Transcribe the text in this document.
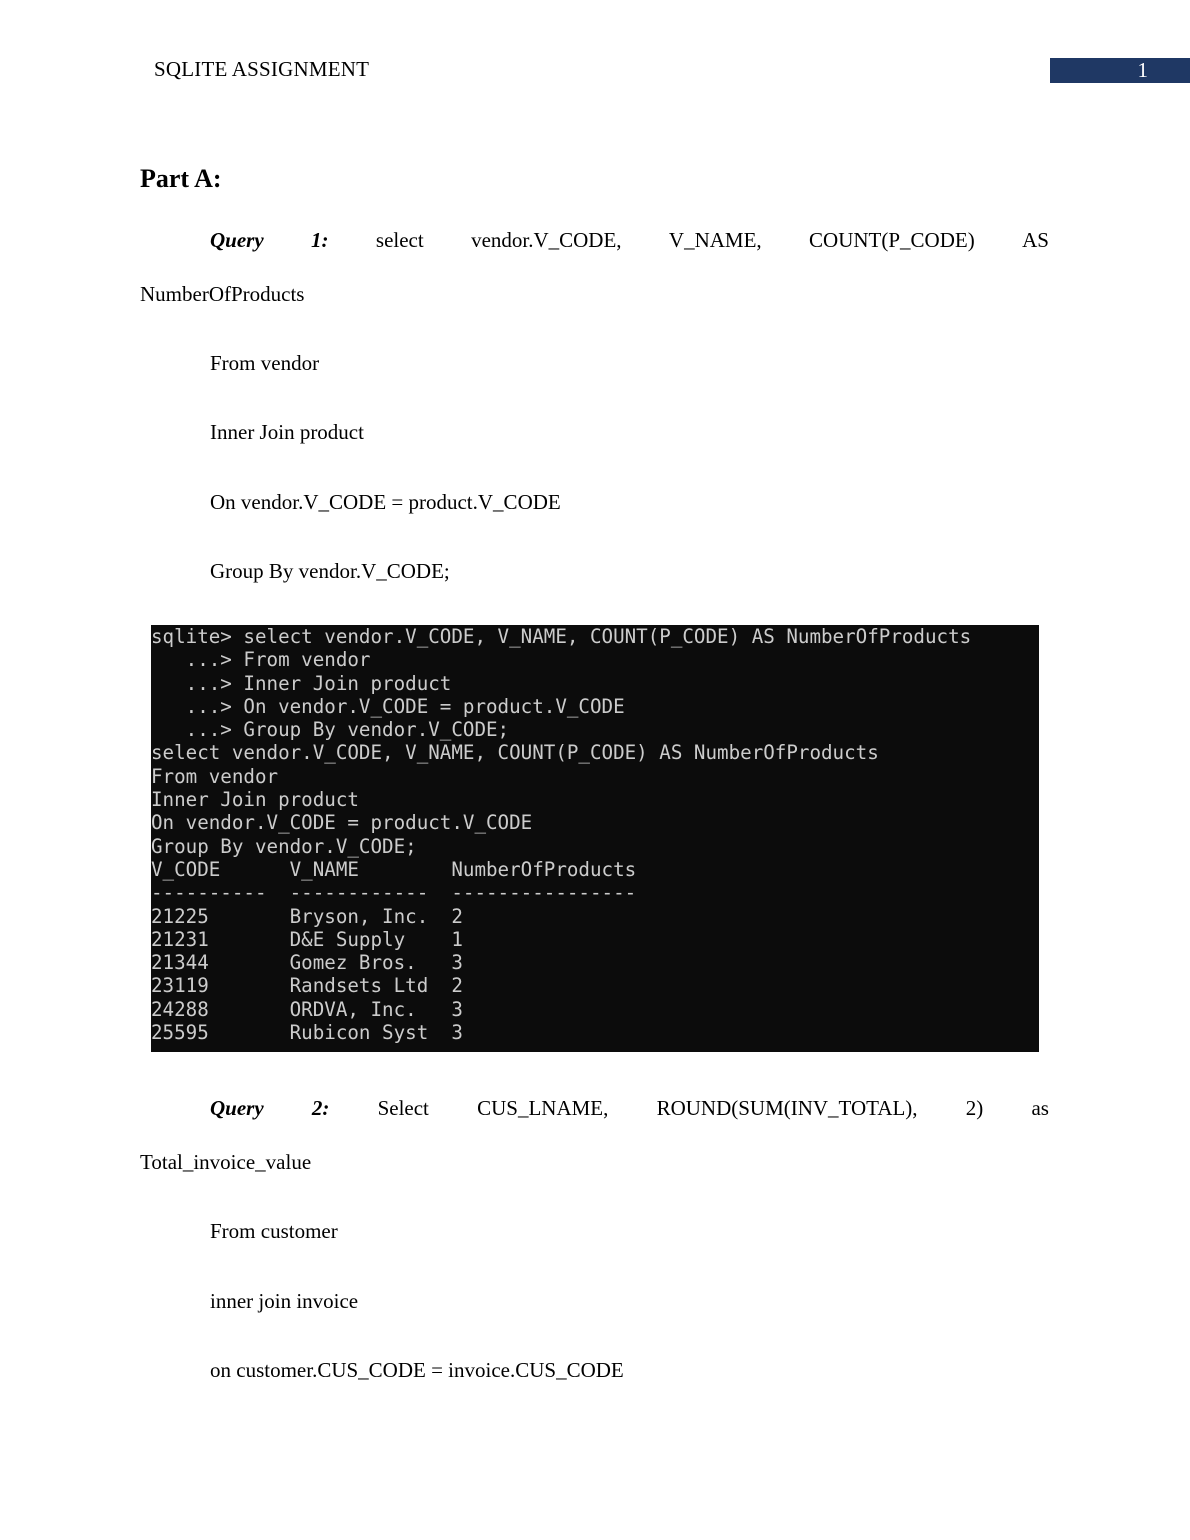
SQLITE ASSIGNMENT	1
Part A:
Query 1: select vendor.V_CODE, V_NAME, COUNT(P_CODE) AS
NumberOfProducts
From vendor
Inner Join product
On vendor.V_CODE = product.V_CODE
Group By vendor.V_CODE;
sqlite> select vendor.V_CODE, V_NAME, COUNT(P_CODE) AS NumberOfProducts
...> From vendor
...> Inner Join product
...> On vendor.V_CODE = product.V_CODE
...> Group By vendor.V_CODE;
select vendor.V_CODE, V_NAME, COUNT(P_CODE) AS NumberOfProducts
From vendor
Inner Join product
On vendor.V_CODE = product.V_CODE
Group By vendor.V_CODE;
V_CODE      V_NAME        NumberOfProducts
----------  ------------  ----------------
21225       Bryson, Inc.  2
21231       D&E Supply    1
21344       Gomez Bros.   3
23119       Randsets Ltd  2
24288       ORDVA, Inc.   3
25595       Rubicon Syst  3
Query 2: Select CUS_LNAME, ROUND(SUM(INV_TOTAL), 2) as
Total_invoice_value
From customer
inner join invoice
on customer.CUS_CODE = invoice.CUS_CODE
